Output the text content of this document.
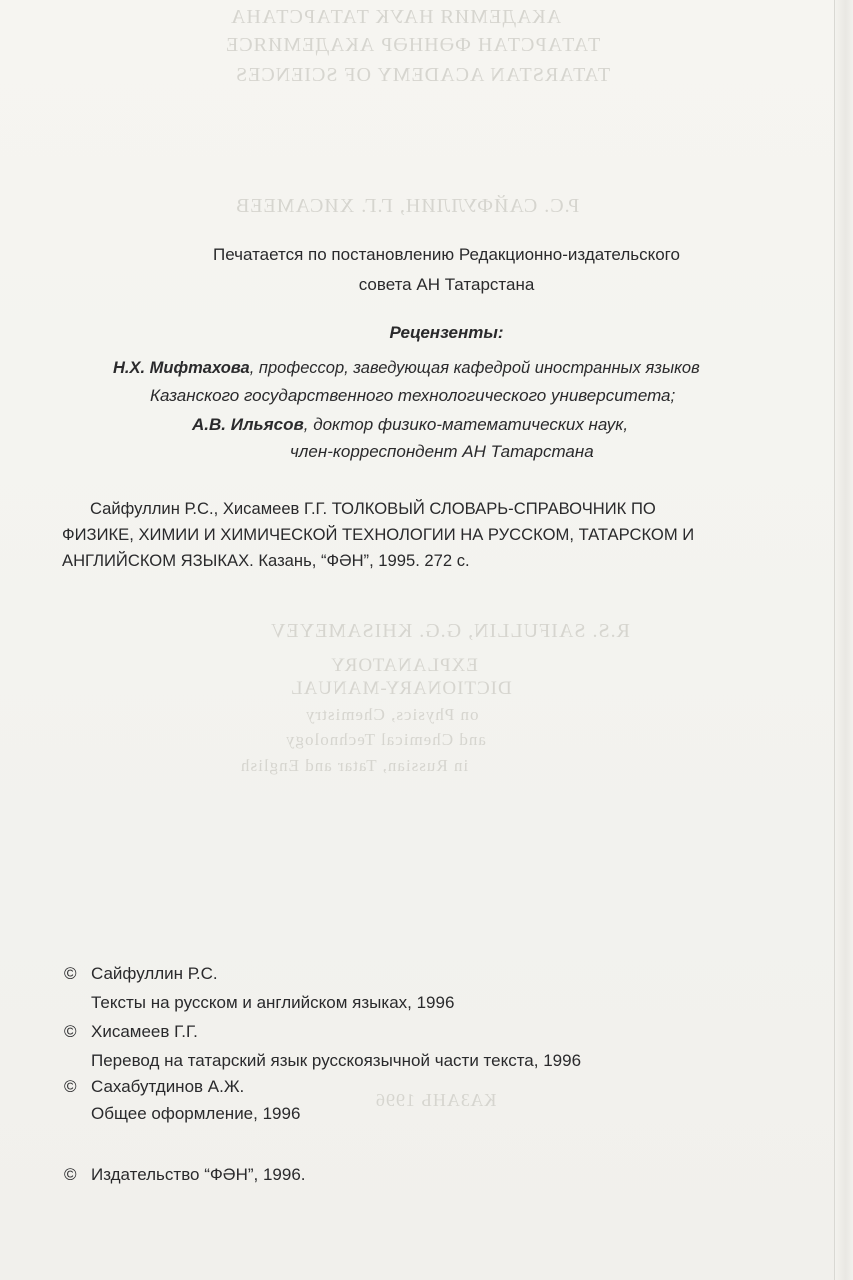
АКАДЕМИЯ НАУК ТАТАРСТАНА
ТАТАРСТАН ФӘННӘР АКАДЕМИЯСЕ
TATARSTAN ACADEMY OF SCIENCES
Р.С. САЙФУЛЛИН, Г.Г. ХИСАМЕЕВ
R.S. SAIFULLIN, G.G. KHISAMEYEV
EXPLANATORY
DICTIONARY-MANUAL
on Physics, Chemistry
and Chemical Technology
in Russian, Tatar and English
КАЗАНЬ 1996
Печатается по постановлению Редакционно-издательского
совета АН Татарстана
Рецензенты:
Н.Х. Мифтахова, профессор, заведующая кафедрой иностранных языков
Казанского государственного технологического университета;
А.В. Ильясов, доктор физико-математических наук,
член-корреспондент АН Татарстана
Сайфуллин Р.С., Хисамеев Г.Г. ТОЛКОВЫЙ СЛОВАРЬ-СПРАВОЧНИК ПО
ФИЗИКЕ, ХИМИИ И ХИМИЧЕСКОЙ ТЕХНОЛОГИИ НА РУССКОМ, ТАТАРСКОМ И
АНГЛИЙСКОМ ЯЗЫКАХ. Казань, “ФӘН”, 1995. 272 с.
© Сайфуллин Р.С.
Тексты на русском и английском языках, 1996
© Хисамеев Г.Г.
Перевод на татарский язык русскоязычной части текста, 1996
© Сахабутдинов А.Ж.
Общее оформление, 1996
© Издательство “ФӘН”, 1996.
